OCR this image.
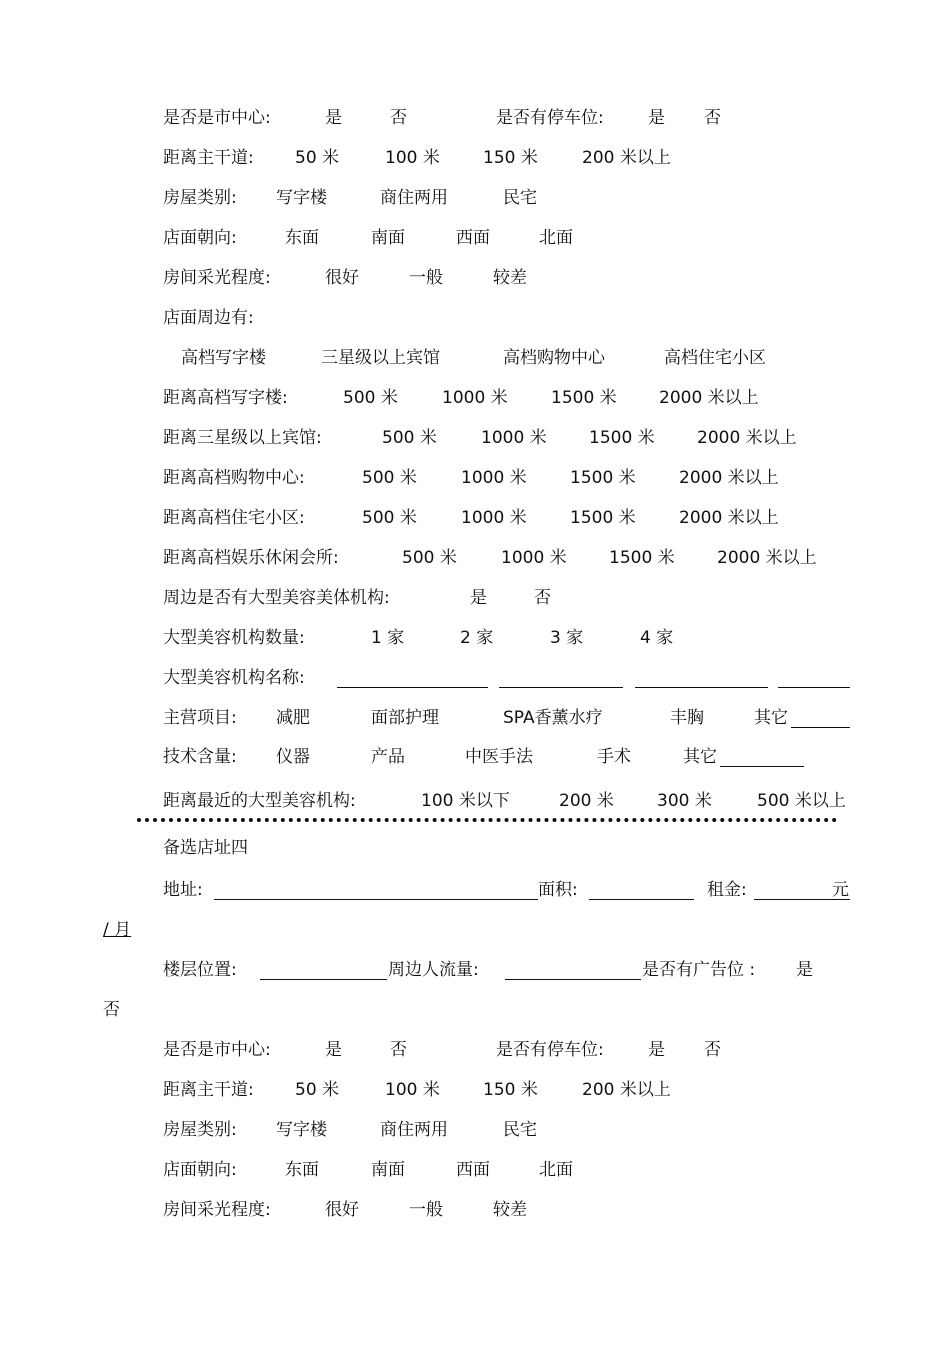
是否是市中心:	是	否	是否有停车位:	是 否
距离主干道: 50 米	100 米	150 米	200 米以上
房屋类别: 写字楼	商住两用	民宅
店面朝向:	东面	南面	西面	北面
房间采光程度:	很好	一般	较差
店面周边有:
高档写字楼	三星级以上宾馆	高档购物中心	高档住宅小区
距离高档写字楼:	500 米	1000 米	1500 米 2000 米以上
距离三星级以上宾馆:	500 米	1000 米 1500 米 2000 米以上
距离高档购物中心:	500 米	1000 米	1500 米	2000 米以上
距离高档住宅小区:	500 米	1000 米	1500 米	2000 米以上
距离高档娱乐休闲会所:	500 米	1000 米 1500 米 2000 米以上
周边是否有大型美容美体机构:	是	否
大型美容机构数量:	1 家	2 家	3 家	4 家
大型美容机构名称:
主营项目: 减肥	面部护理	SPA香薰水疗	丰胸	其它
技术含量: 仪器	产品	中医手法	手术	其它
距离最近的大型美容机构:	100 米以下	200 米	300 米	500 米以上
备选店址四
地址:	面积:	租金:	元
/ 月
楼层位置:	周边人流量:	是否有广告位 : 是
否
是否是市中心:	是	否	是否有停车位:	是 否
距离主干道: 50 米	100 米	150 米	200 米以上
房屋类别: 写字楼	商住两用	民宅
店面朝向:	东面	南面	西面	北面
房间采光程度:	很好	一般	较差
